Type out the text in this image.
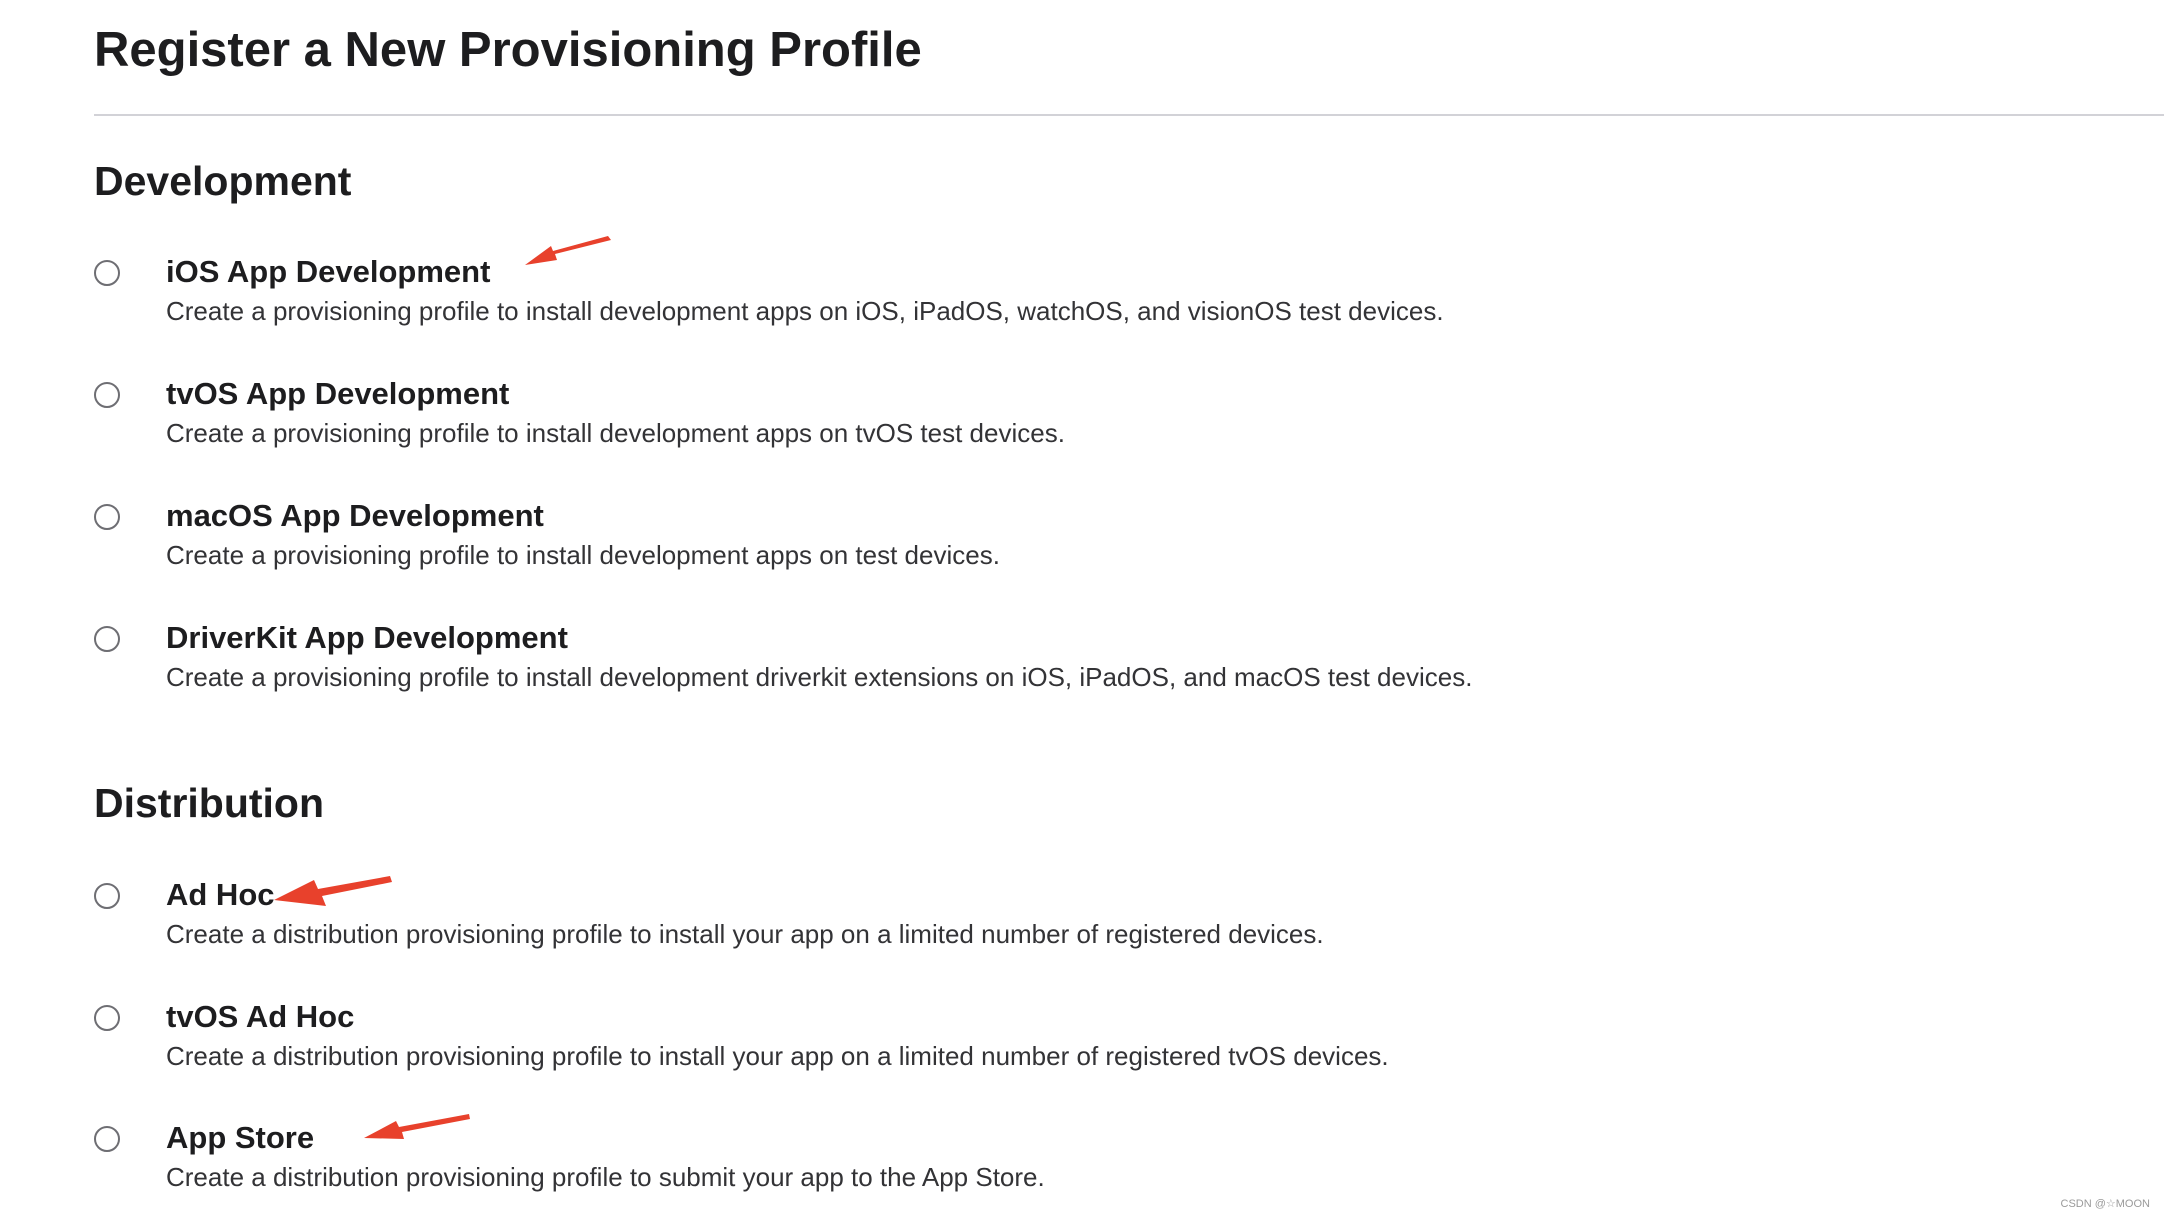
Register a New Provisioning Profile
Development
iOS App Development
Create a provisioning profile to install development apps on iOS, iPadOS, watchOS, and visionOS test devices.
tvOS App Development
Create a provisioning profile to install development apps on tvOS test devices.
macOS App Development
Create a provisioning profile to install development apps on test devices.
DriverKit App Development
Create a provisioning profile to install development driverkit extensions on iOS, iPadOS, and macOS test devices.
Distribution
Ad Hoc
Create a distribution provisioning profile to install your app on a limited number of registered devices.
tvOS Ad Hoc
Create a distribution provisioning profile to install your app on a limited number of registered tvOS devices.
App Store
Create a distribution provisioning profile to submit your app to the App Store.
CSDN @☆MOON
